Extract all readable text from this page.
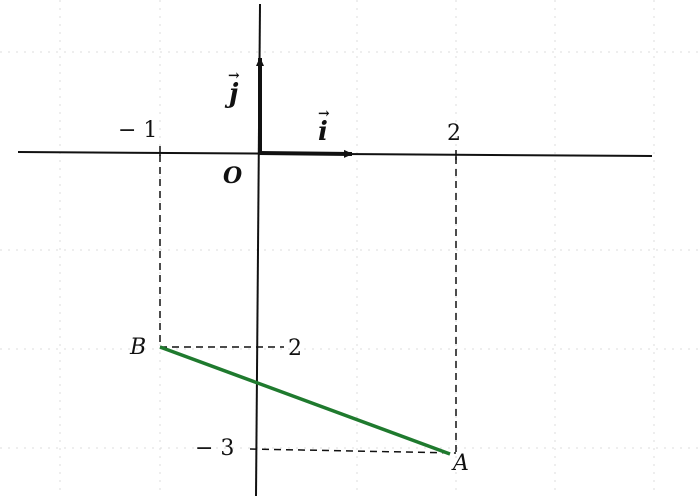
O
− 1	2
2
− 3
B
A
j
→
i
→
